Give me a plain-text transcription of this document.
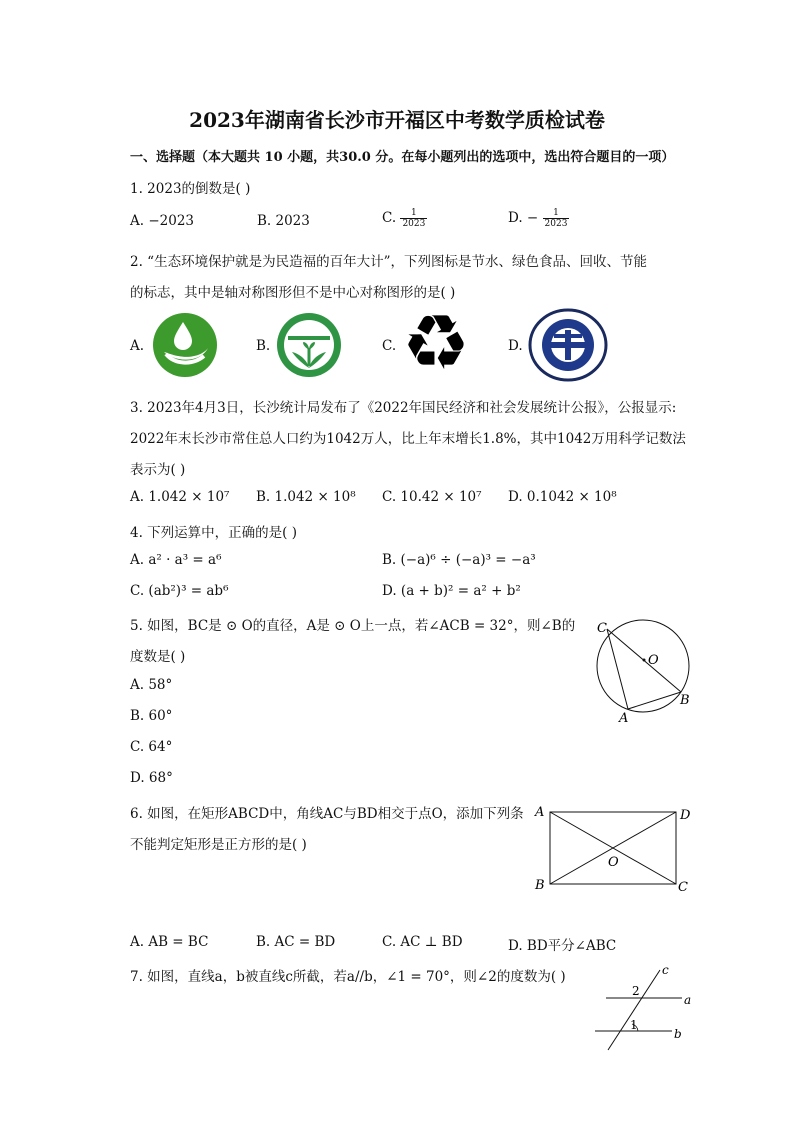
2023年湖南省长沙市开福区中考数学质检试卷
一、选择题（本大题共 10 小题，共30.0 分。在每小题列出的选项中，选出符合题目的一项）
1. 2023的倒数是( )
A. −2023	B. 2023	C. $\frac{1}{2023}$	D. − $\frac{1}{2023}$
2. “生态环境保护就是为民造福的百年大计”，下列图标是节水、绿色食品、回收、节能
的标志，其中是轴对称图形但不是中心对称图形的是( )
A.	B.	C. ♻	D.
3. 2023年4月3日，长沙统计局发布了《2022年国民经济和社会发展统计公报》，公报显示:
2022年末长沙市常住总人口约为1042万人，比上年末增长1.8%，其中1042万用科学记数法
表示为( )
A. 1.042 × 10⁷ B. 1.042 × 10⁸ C. 10.42 × 10⁷ D. 0.1042 × 10⁸
4. 下列运算中，正确的是( )
A. a² · a³ = a⁶	B. (−a)⁶ ÷ (−a)³ = −a³
C. (ab²)³ = ab⁶	D. (a + b)² = a² + b²
5. 如图，BC是 ⊙ O的直径，A是 ⊙ O上一点，若∠ACB = 32°，则∠B的
度数是( )
A. 58°
B. 60°
C. 64°
D. 68°
C
O
B
A
6. 如图，在矩形ABCD中，角线AC与BD相交于点O，添加下列条
不能判定矩形是正方形的是( )
A	D
B	C
O
A. AB = BC	B. AC = BD	C. AC ⊥ BD	D. BD平分∠ABC
7. 如图，直线a，b被直线c所截，若a//b，∠1 = 70°，则∠2的度数为( )	c
a
b
2
1
